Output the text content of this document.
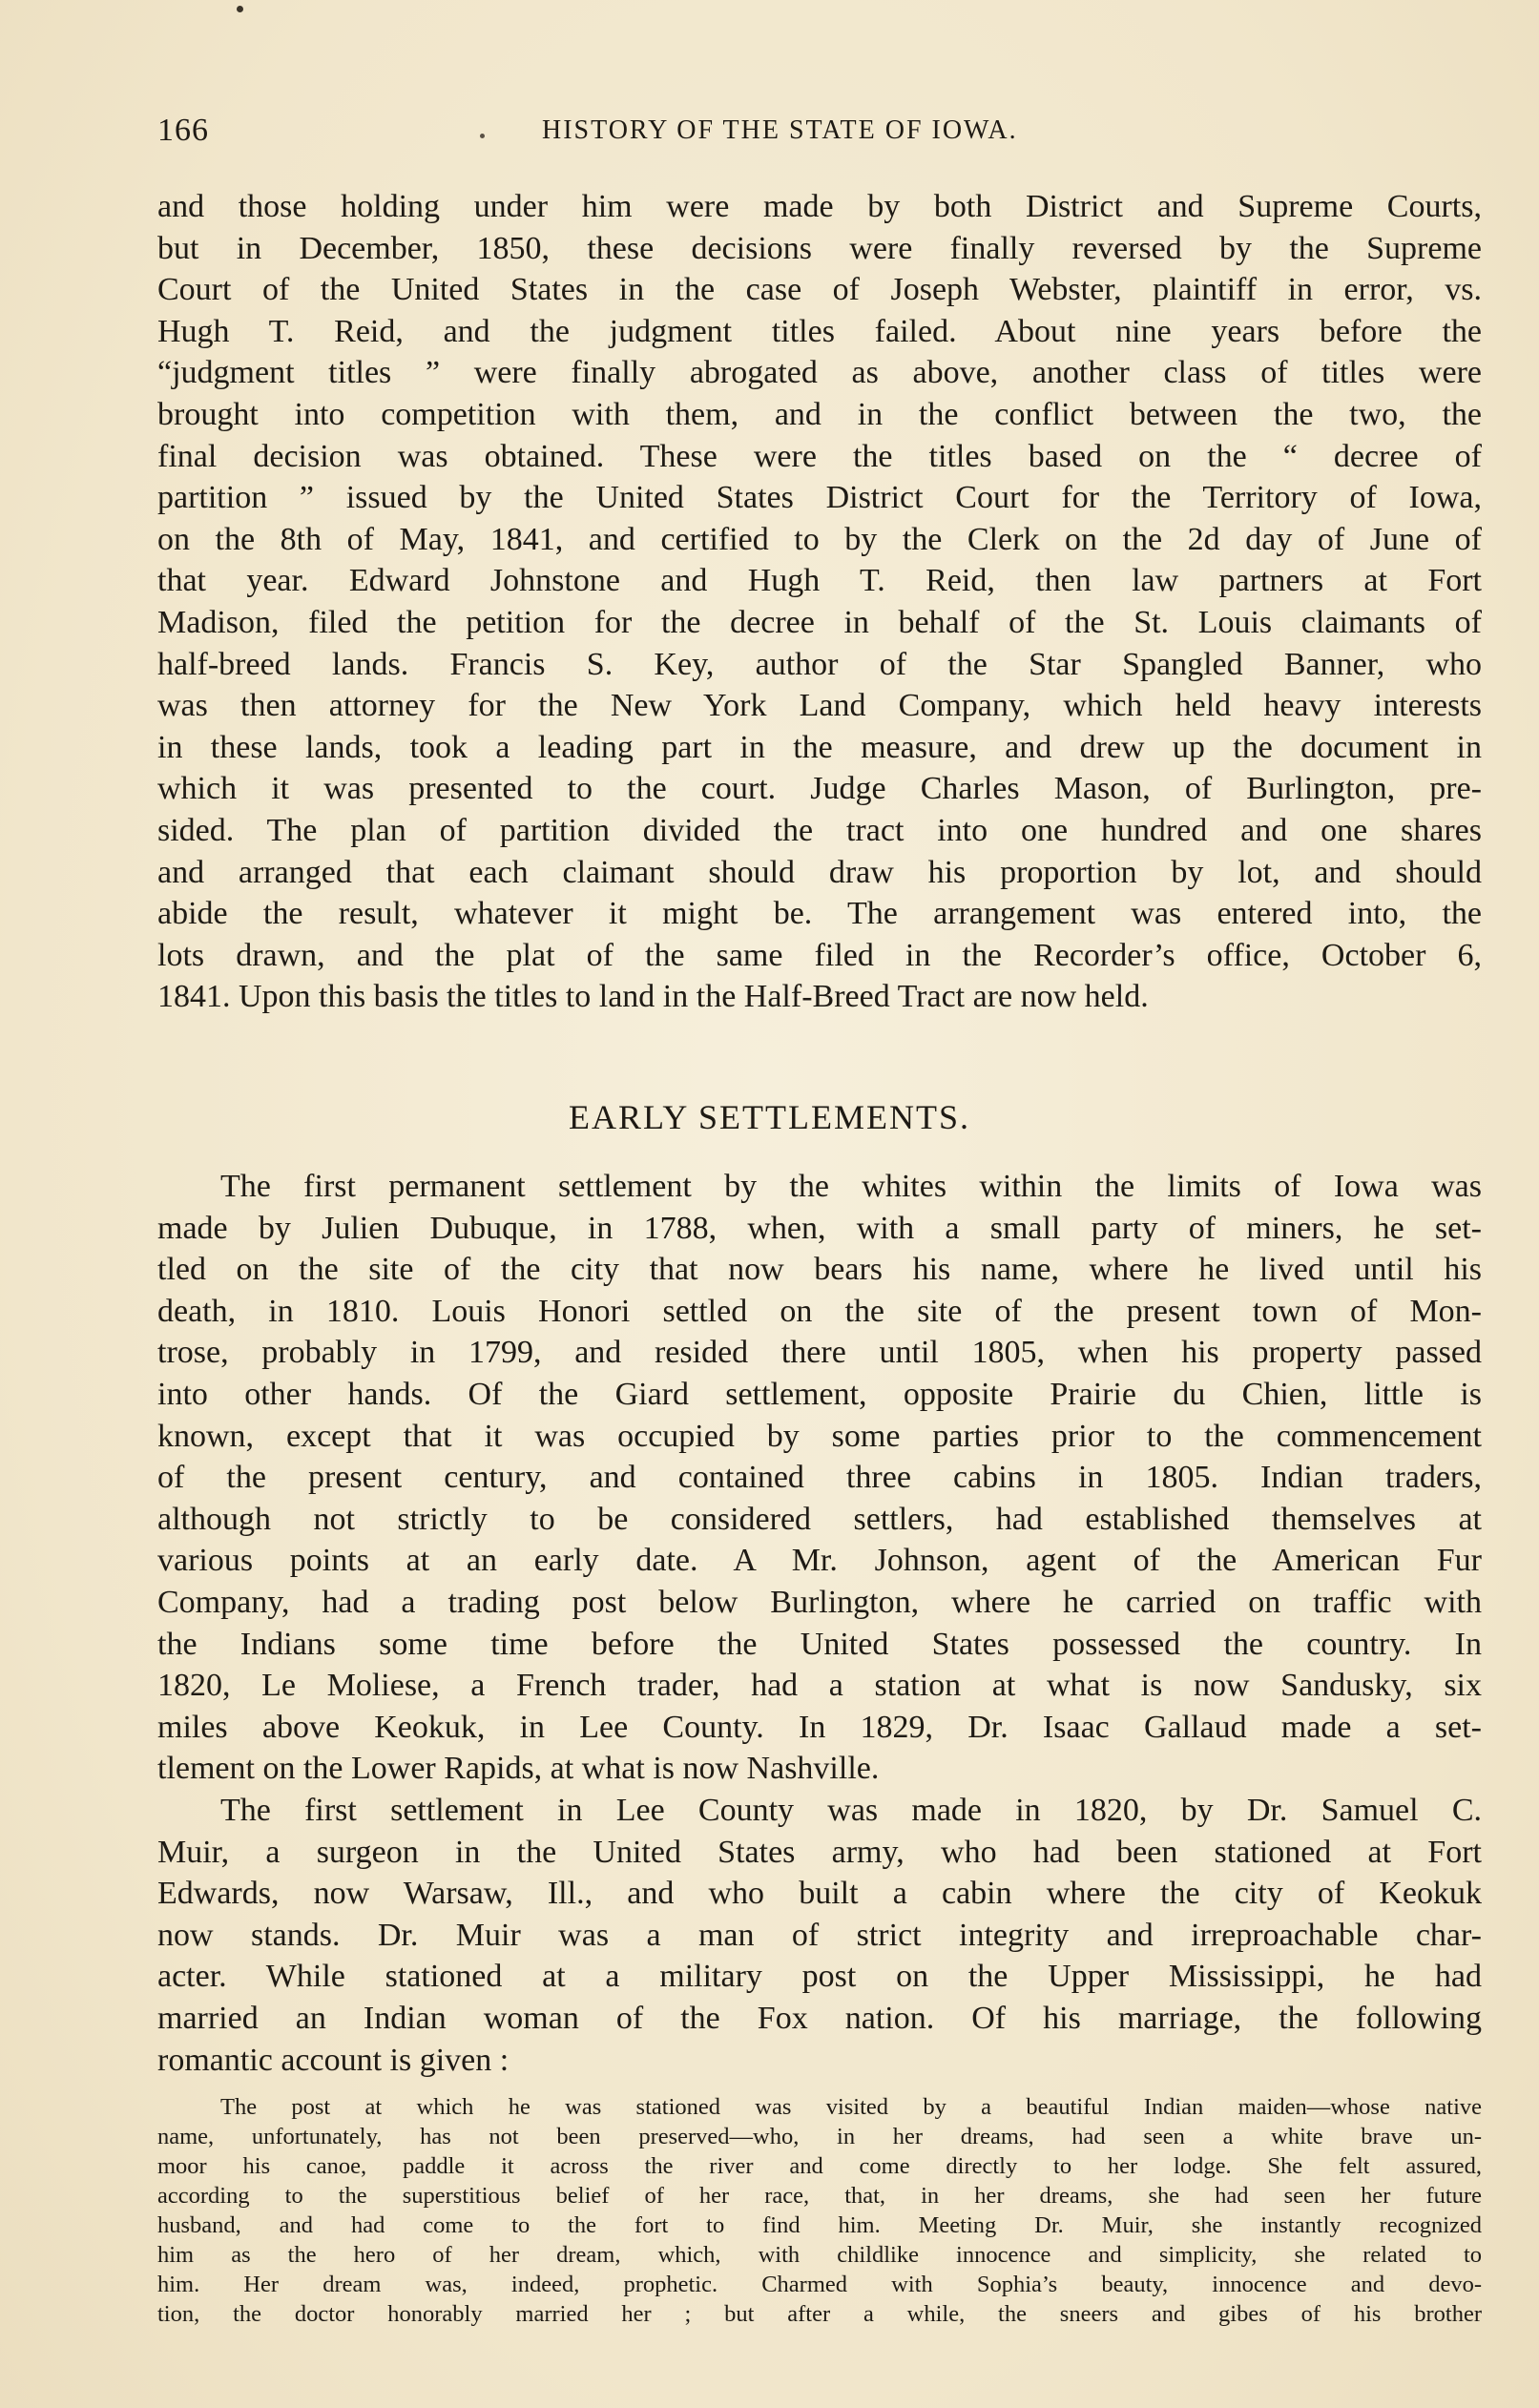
166	HISTORY OF THE STATE OF IOWA.
and those holding under him were made by both District and Supreme Courts,
but in December, 1850, these decisions were finally reversed by the Supreme
Court of the United States in the case of Joseph Webster, plaintiff in error, vs.
Hugh T. Reid, and the judgment titles failed. About nine years before the
“judgment titles ” were finally abrogated as above, another class of titles were
brought into competition with them, and in the conflict between the two, the
final decision was obtained. These were the titles based on the “ decree of
partition ” issued by the United States District Court for the Territory of Iowa,
on the 8th of May, 1841, and certified to by the Clerk on the 2d day of June of
that year. Edward Johnstone and Hugh T. Reid, then law partners at Fort
Madison, filed the petition for the decree in behalf of the St. Louis claimants of
half-breed lands. Francis S. Key, author of the Star Spangled Banner, who
was then attorney for the New York Land Company, which held heavy interests
in these lands, took a leading part in the measure, and drew up the document in
which it was presented to the court. Judge Charles Mason, of Burlington, pre-
sided. The plan of partition divided the tract into one hundred and one shares
and arranged that each claimant should draw his proportion by lot, and should
abide the result, whatever it might be. The arrangement was entered into, the
lots drawn, and the plat of the same filed in the Recorder’s office, October 6,
1841. Upon this basis the titles to land in the Half-Breed Tract are now held.
EARLY SETTLEMENTS.
The first permanent settlement by the whites within the limits of Iowa was
made by Julien Dubuque, in 1788, when, with a small party of miners, he set-
tled on the site of the city that now bears his name, where he lived until his
death, in 1810. Louis Honori settled on the site of the present town of Mon-
trose, probably in 1799, and resided there until 1805, when his property passed
into other hands. Of the Giard settlement, opposite Prairie du Chien, little is
known, except that it was occupied by some parties prior to the commencement
of the present century, and contained three cabins in 1805. Indian traders,
although not strictly to be considered settlers, had established themselves at
various points at an early date. A Mr. Johnson, agent of the American Fur
Company, had a trading post below Burlington, where he carried on traffic with
the Indians some time before the United States possessed the country. In
1820, Le Moliese, a French trader, had a station at what is now Sandusky, six
miles above Keokuk, in Lee County. In 1829, Dr. Isaac Gallaud made a set-
tlement on the Lower Rapids, at what is now Nashville.
The first settlement in Lee County was made in 1820, by Dr. Samuel C.
Muir, a surgeon in the United States army, who had been stationed at Fort
Edwards, now Warsaw, Ill., and who built a cabin where the city of Keokuk
now stands. Dr. Muir was a man of strict integrity and irreproachable char-
acter. While stationed at a military post on the Upper Mississippi, he had
married an Indian woman of the Fox nation. Of his marriage, the following
romantic account is given :
The post at which he was stationed was visited by a beautiful Indian maiden—whose native
name, unfortunately, has not been preserved—who, in her dreams, had seen a white brave un-
moor his canoe, paddle it across the river and come directly to her lodge. She felt assured,
according to the superstitious belief of her race, that, in her dreams, she had seen her future
husband, and had come to the fort to find him. Meeting Dr. Muir, she instantly recognized
him as the hero of her dream, which, with childlike innocence and simplicity, she related to
him. Her dream was, indeed, prophetic. Charmed with Sophia’s beauty, innocence and devo-
tion, the doctor honorably married her ; but after a while, the sneers and gibes of his brother
